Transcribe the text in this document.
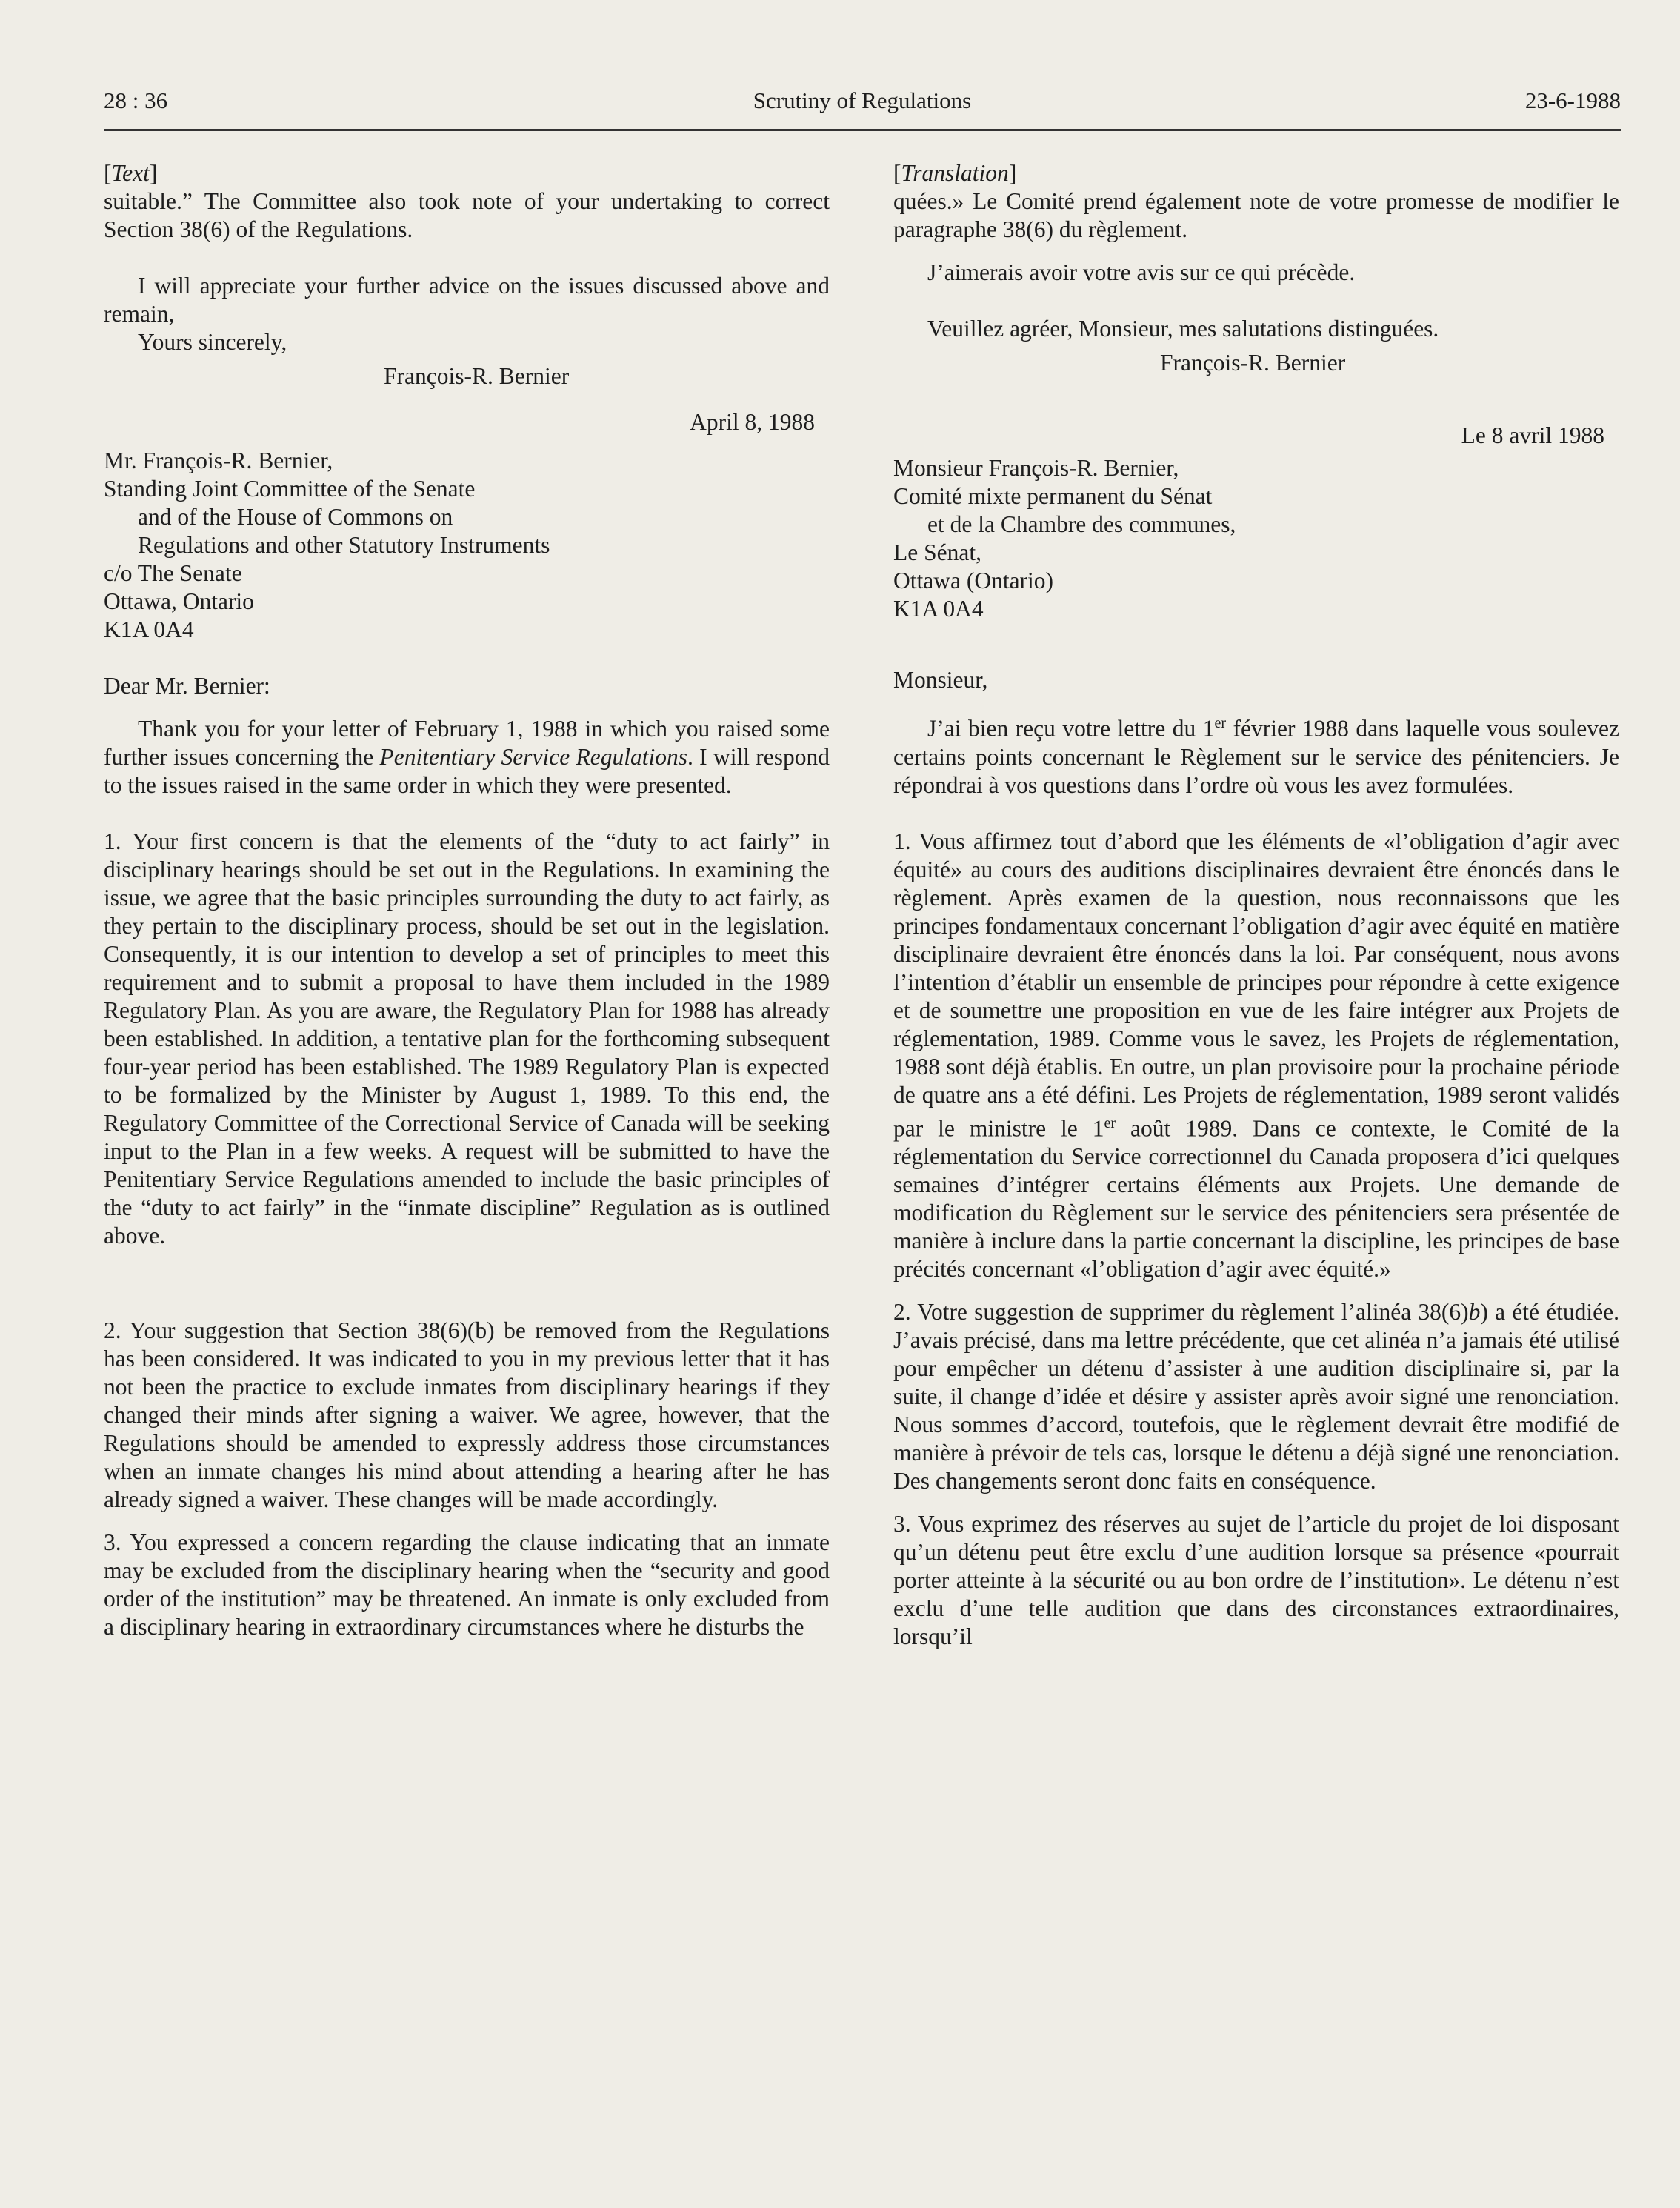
28 : 36	Scrutiny of Regulations	23-6-1988

[Text]

suitable.” The Committee also took note of your undertaking to correct Section 38(6) of the Regulations.

I will appreciate your further advice on the issues discussed above and remain,

Yours sincerely,

François-R. Bernier

April 8, 1988

Mr. François-R. Bernier,

Standing Joint Committee of the Senate

and of the House of Commons on

Regulations and other Statutory Instruments

c/o The Senate

Ottawa, Ontario

K1A 0A4

Dear Mr. Bernier:

Thank you for your letter of February 1, 1988 in which you raised some further issues concerning the Penitentiary Service Regulations. I will respond to the issues raised in the same order in which they were presented.

1. Your first concern is that the elements of the “duty to act fairly” in disciplinary hearings should be set out in the Regulations. In examining the issue, we agree that the basic principles surrounding the duty to act fairly, as they pertain to the disciplinary process, should be set out in the legislation. Consequently, it is our intention to develop a set of principles to meet this requirement and to submit a proposal to have them included in the 1989 Regulatory Plan. As you are aware, the Regulatory Plan for 1988 has already been established. In addition, a tentative plan for the forthcoming subsequent four-year period has been established. The 1989 Regulatory Plan is expected to be formalized by the Minister by August 1, 1989. To this end, the Regulatory Committee of the Correctional Service of Canada will be seeking input to the Plan in a few weeks. A request will be submitted to have the Penitentiary Service Regulations amended to include the basic principles of the “duty to act fairly” in the “inmate discipline” Regulation as is outlined above.

2. Your suggestion that Section 38(6)(b) be removed from the Regulations has been considered. It was indicated to you in my previous letter that it has not been the practice to exclude inmates from disciplinary hearings if they changed their minds after signing a waiver. We agree, however, that the Regulations should be amended to expressly address those circumstances when an inmate changes his mind about attending a hearing after he has already signed a waiver. These changes will be made accordingly.

3. You expressed a concern regarding the clause indicating that an inmate may be excluded from the disciplinary hearing when the “security and good order of the institution” may be threatened. An inmate is only excluded from a disciplinary hearing in extraordinary circumstances where he disturbs the

[Translation]

quées.» Le Comité prend également note de votre promesse de modifier le paragraphe 38(6) du règlement.

J’aimerais avoir votre avis sur ce qui précède.

Veuillez agréer, Monsieur, mes salutations distinguées.

François-R. Bernier

Le 8 avril 1988

Monsieur François-R. Bernier,

Comité mixte permanent du Sénat

et de la Chambre des communes,

Le Sénat,

Ottawa (Ontario)

K1A 0A4

Monsieur,

J’ai bien reçu votre lettre du 1er février 1988 dans laquelle vous soulevez certains points concernant le Règlement sur le service des pénitenciers. Je répondrai à vos questions dans l’ordre où vous les avez formulées.

1. Vous affirmez tout d’abord que les éléments de «l’obligation d’agir avec équité» au cours des auditions disciplinaires devraient être énoncés dans le règlement. Après examen de la question, nous reconnaissons que les principes fondamentaux concernant l’obligation d’agir avec équité en matière disciplinaire devraient être énoncés dans la loi. Par conséquent, nous avons l’intention d’établir un ensemble de principes pour répondre à cette exigence et de soumettre une proposition en vue de les faire intégrer aux Projets de réglementation, 1989. Comme vous le savez, les Projets de réglementation, 1988 sont déjà établis. En outre, un plan provisoire pour la prochaine période de quatre ans a été défini. Les Projets de réglementation, 1989 seront validés par le ministre le 1er août 1989. Dans ce contexte, le Comité de la réglementation du Service correctionnel du Canada proposera d’ici quelques semaines d’intégrer certains éléments aux Projets. Une demande de modification du Règlement sur le service des pénitenciers sera présentée de manière à inclure dans la partie concernant la discipline, les principes de base précités concernant «l’obligation d’agir avec équité.»

2. Votre suggestion de supprimer du règlement l’alinéa 38(6)b) a été étudiée. J’avais précisé, dans ma lettre précédente, que cet alinéa n’a jamais été utilisé pour empêcher un détenu d’assister à une audition disciplinaire si, par la suite, il change d’idée et désire y assister après avoir signé une renonciation. Nous sommes d’accord, toutefois, que le règlement devrait être modifié de manière à prévoir de tels cas, lorsque le détenu a déjà signé une renonciation. Des changements seront donc faits en conséquence.

3. Vous exprimez des réserves au sujet de l’article du projet de loi disposant qu’un détenu peut être exclu d’une audition lorsque sa présence «pourrait porter atteinte à la sécurité ou au bon ordre de l’institution». Le détenu n’est exclu d’une telle audition que dans des circonstances extraordinaires, lorsqu’il
